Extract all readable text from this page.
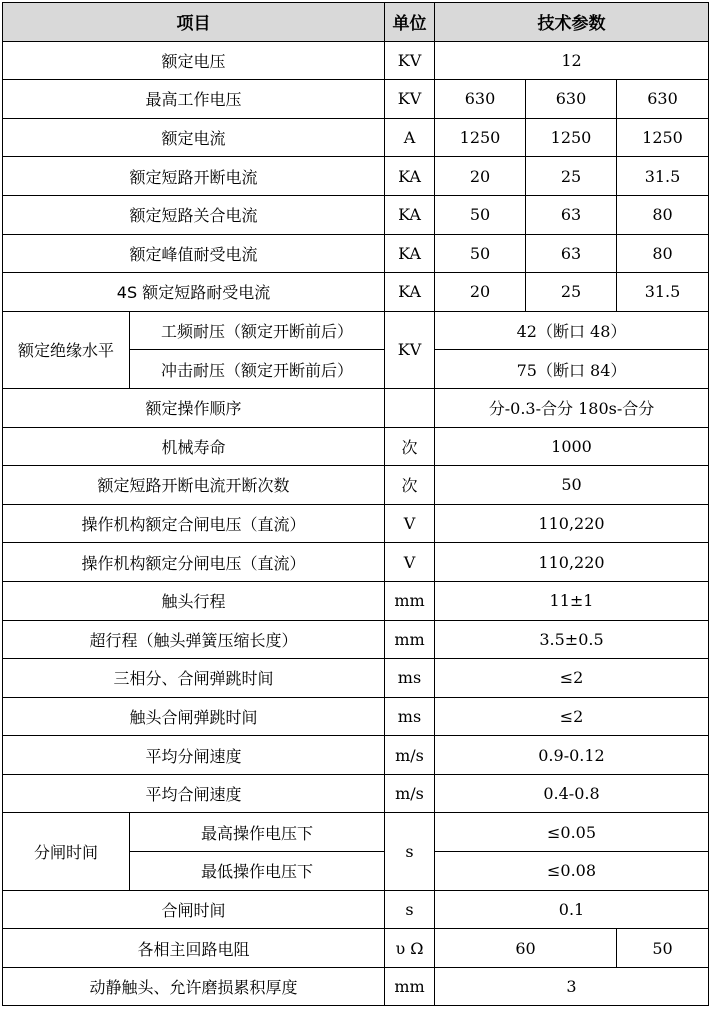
项目		单位	技术参数		
额定电压		KV	12		
最高工作电压		KV	630	630	630
额定电流		A	1250	1250	1250
额定短路开断电流		KA	20	25	31.5
额定短路关合电流		KA	50	63	80
额定峰值耐受电流		KA	50	63	80
4S 额定短路耐受电流		KA	20	25	31.5
额定绝缘水平	工频耐压（额定开断前后）	KV	42（断口 48）		
	冲击耐压（额定开断前后）		75（断口 84）		
额定操作顺序			分-0.3-合分 180s-合分		
机械寿命		次	1000		
额定短路开断电流开断次数		次	50		
操作机构额定合闸电压（直流）		V	110,220		
操作机构额定分闸电压（直流）		V	110,220		
触头行程		mm	11±1		
超行程（触头弹簧压缩长度）		mm	3.5±0.5		
三相分、合闸弹跳时间		ms	≤2		
触头合闸弹跳时间		ms	≤2		
平均分闸速度		m/s	0.9-0.12		
平均合闸速度		m/s	0.4-0.8		
分闸时间	最高操作电压下	s	≤0.05		
	最低操作电压下		≤0.08		
合闸时间		s	0.1		
各相主回路电阻		υ Ω	60		50
动静触头、允许磨损累积厚度		mm	3		
